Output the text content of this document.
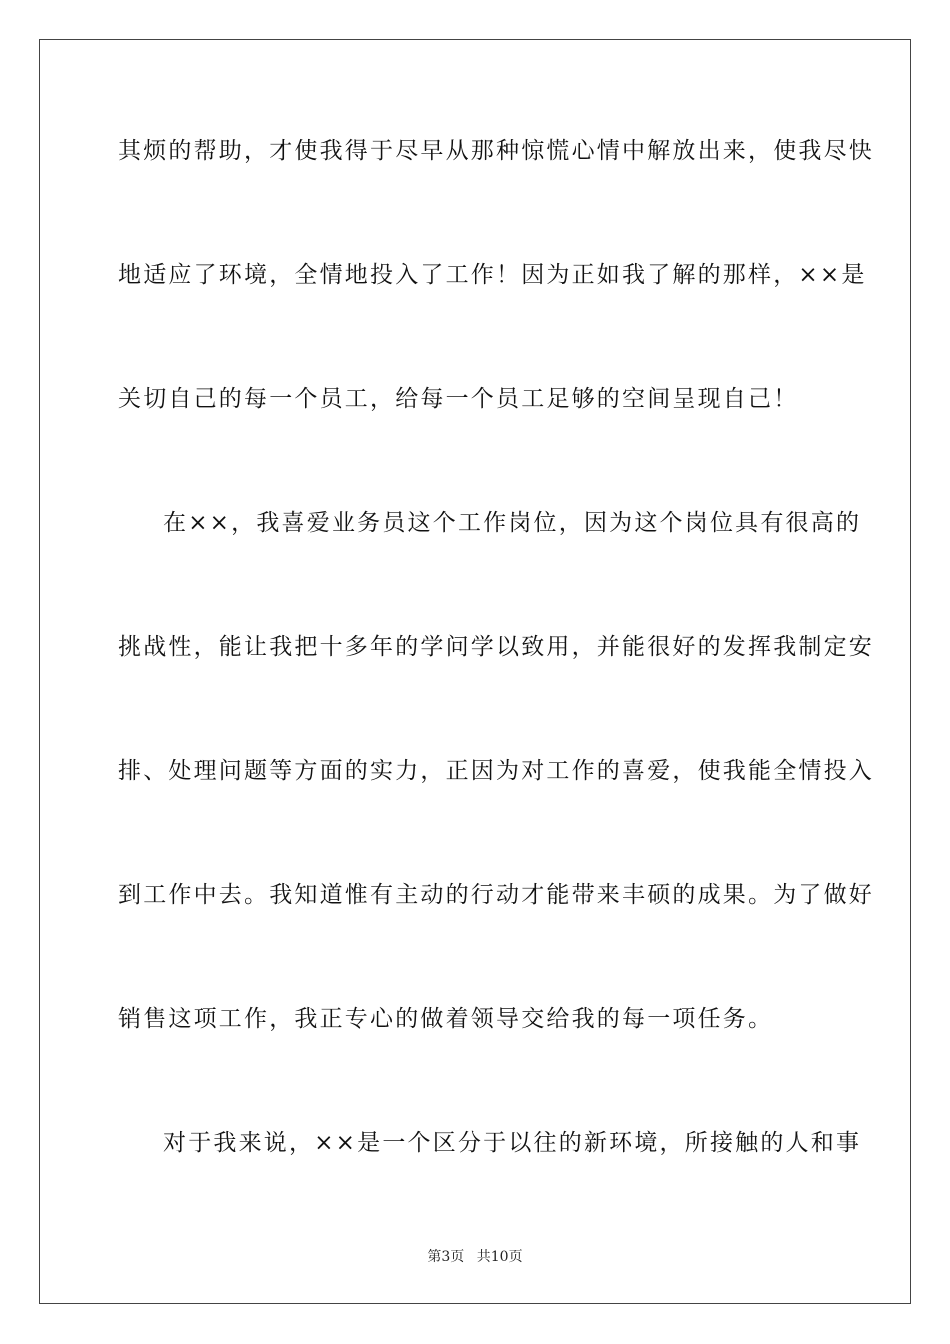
其烦的帮助，才使我得于尽早从那种惊慌心情中解放出来，使我尽快
地适应了环境，全情地投入了工作！因为正如我了解的那样，××是
关切自己的每一个员工，给每一个员工足够的空间呈现自己！
在××，我喜爱业务员这个工作岗位，因为这个岗位具有很高的
挑战性，能让我把十多年的学问学以致用，并能很好的发挥我制定安
排、处理问题等方面的实力，正因为对工作的喜爱，使我能全情投入
到工作中去。我知道惟有主动的行动才能带来丰硕的成果。为了做好
销售这项工作，我正专心的做着领导交给我的每一项任务。
对于我来说，××是一个区分于以往的新环境，所接触的人和事
第3页 共10页
